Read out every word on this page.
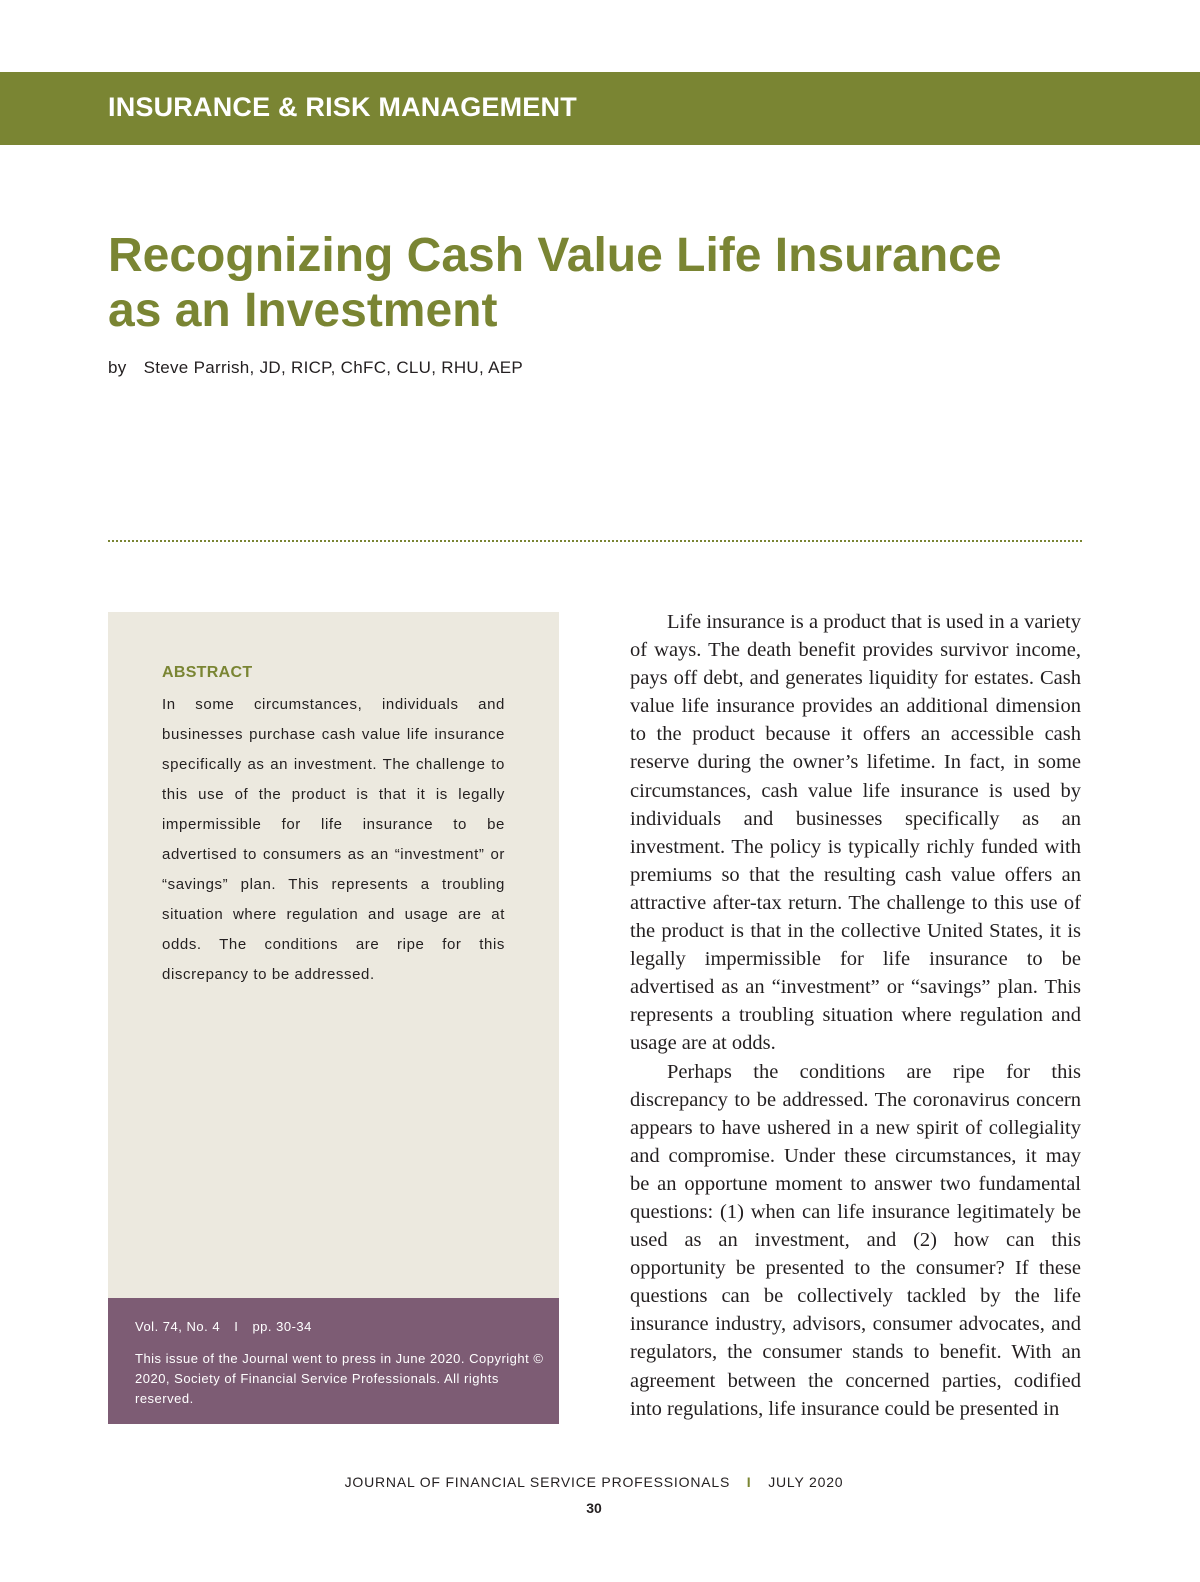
INSURANCE & RISK MANAGEMENT
Recognizing Cash Value Life Insurance as an Investment
by Steve Parrish, JD, RICP, ChFC, CLU, RHU, AEP
ABSTRACT
In some circumstances, individuals and businesses purchase cash value life insurance specifically as an investment. The challenge to this use of the product is that it is legally impermissible for life insurance to be advertised to consumers as an “investment” or “savings” plan. This represents a troubling situation where regulation and usage are at odds. The conditions are ripe for this discrepancy to be addressed.
Vol. 74, No. 4 I pp. 30-34
This issue of the Journal went to press in June 2020. Copyright © 2020, Society of Financial Service Professionals. All rights reserved.

Life insurance is a product that is used in a variety of ways. The death benefit provides survivor income, pays off debt, and generates liquidity for estates. Cash value life insurance provides an additional dimension to the product because it offers an accessible cash reserve during the owner’s lifetime. In fact, in some circumstances, cash value life insurance is used by individuals and businesses specifically as an investment. The policy is typically richly funded with premiums so that the resulting cash value offers an attractive after-tax return. The challenge to this use of the product is that in the collective United States, it is legally impermissible for life insurance to be advertised as an “investment” or “savings” plan. This represents a troubling situation where regulation and usage are at odds.

Perhaps the conditions are ripe for this discrepancy to be addressed. The coronavirus concern appears to have ushered in a new spirit of collegiality and compromise. Under these circumstances, it may be an opportune moment to answer two fundamental questions: (1) when can life insurance legitimately be used as an investment, and (2) how can this opportunity be presented to the consumer? If these questions can be collectively tackled by the life insurance industry, advisors, consumer advocates, and regulators, the consumer stands to benefit. With an agreement between the concerned parties, codified into regulations, life insurance could be presented in

JOURNAL OF FINANCIAL SERVICE PROFESSIONALS I JULY 2020
30
